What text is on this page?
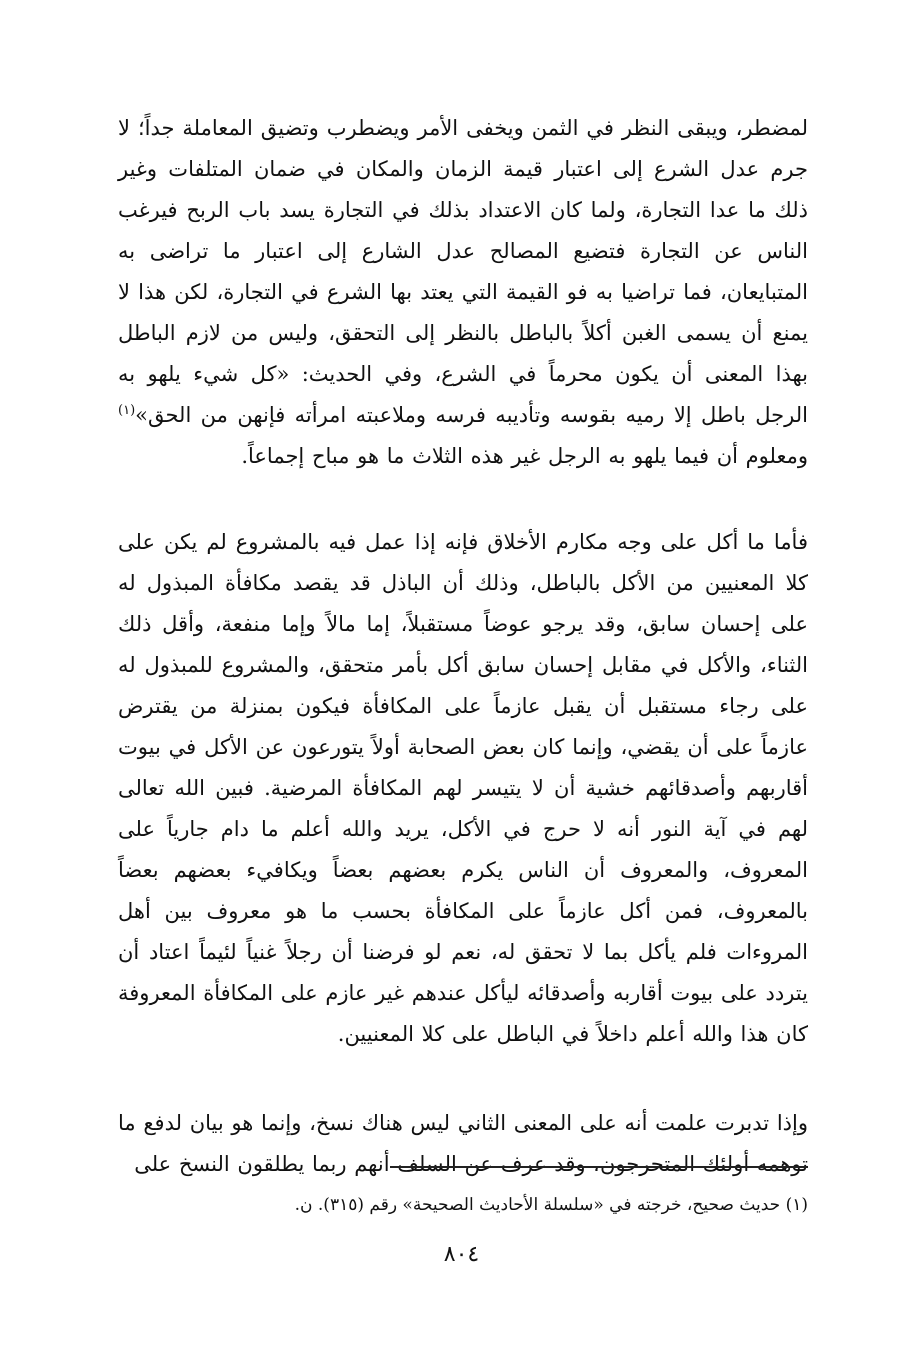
لمضطر، ويبقى النظر في الثمن ويخفى الأمر ويضطرب وتضيق المعاملة جداً؛ لا جرم عدل الشرع إلى اعتبار قيمة الزمان والمكان في ضمان المتلفات وغير ذلك ما عدا التجارة، ولما كان الاعتداد بذلك في التجارة يسد باب الربح فيرغب الناس عن التجارة فتضيع المصالح عدل الشارع إلى اعتبار ما تراضى به المتبايعان، فما تراضيا به فو القيمة التي يعتد بها الشرع في التجارة، لكن هذا لا يمنع أن يسمى الغبن أكلاً بالباطل بالنظر إلى التحقق، وليس من لازم الباطل بهذا المعنى أن يكون محرماً في الشرع، وفي الحديث: «كل شيء يلهو به الرجل باطل إلا رميه بقوسه وتأديبه فرسه وملاعبته امرأته فإنهن من الحق»$^{(١)}$ ومعلوم أن فيما يلهو به الرجل غير هذه الثلاث ما هو مباح إجماعاً.

فأما ما أكل على وجه مكارم الأخلاق فإنه إذا عمل فيه بالمشروع لم يكن على كلا المعنيين من الأكل بالباطل، وذلك أن الباذل قد يقصد مكافأة المبذول له على إحسان سابق، وقد يرجو عوضاً مستقبلاً، إما مالاً وإما منفعة، وأقل ذلك الثناء، والأكل في مقابل إحسان سابق أكل بأمر متحقق، والمشروع للمبذول له على رجاء مستقبل أن يقبل عازماً على المكافأة فيكون بمنزلة من يقترض عازماً على أن يقضي، وإنما كان بعض الصحابة أولاً يتورعون عن الأكل في بيوت أقاربهم وأصدقائهم خشية أن لا يتيسر لهم المكافأة المرضية. فبين الله تعالى لهم في آية النور أنه لا حرج في الأكل، يريد والله أعلم ما دام جارياً على المعروف، والمعروف أن الناس يكرم بعضهم بعضاً ويكافيء بعضهم بعضاً بالمعروف، فمن أكل عازماً على المكافأة بحسب ما هو معروف بين أهل المروءات فلم يأكل بما لا تحقق له، نعم لو فرضنا أن رجلاً غنياً لئيماً اعتاد أن يتردد على بيوت أقاربه وأصدقائه ليأكل عندهم غير عازم على المكافأة المعروفة كان هذا والله أعلم داخلاً في الباطل على كلا المعنيين.

وإذا تدبرت علمت أنه على المعنى الثاني ليس هناك نسخ، وإنما هو بيان لدفع ما توهمه أولئك المتحرجون، وقد عرف عن السلف أنهم ربما يطلقون النسخ على

(١) حديث صحيح، خرجته في «سلسلة الأحاديث الصحيحة» رقم (٣١٥). ن.

٨٠٤
